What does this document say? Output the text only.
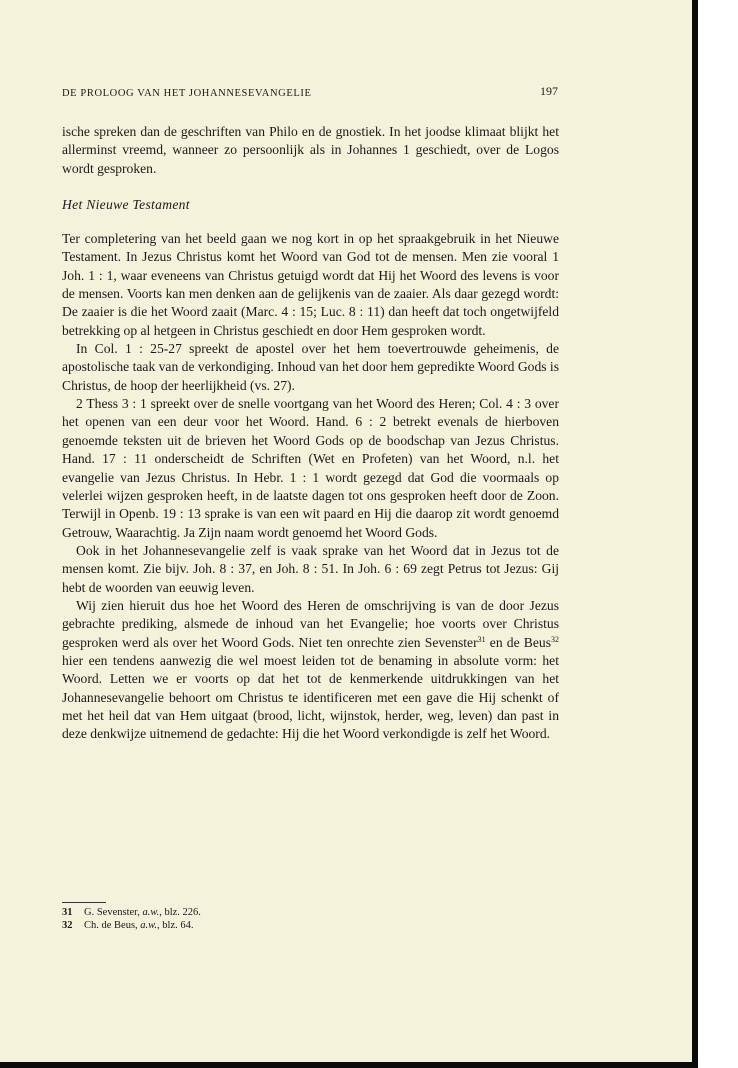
DE PROLOOG VAN HET JOHANNESEVANGELIE	197

ische spreken dan de geschriften van Philo en de gnostiek. In het joodse klimaat blijkt het allerminst vreemd, wanneer zo persoonlijk als in Johannes 1 geschiedt, over de Logos wordt gesproken.

Het Nieuwe Testament

Ter completering van het beeld gaan we nog kort in op het spraakgebruik in het Nieuwe Testament. In Jezus Christus komt het Woord van God tot de mensen. Men zie vooral 1 Joh. 1 : 1, waar eveneens van Christus getuigd wordt dat Hij het Woord des levens is voor de mensen. Voorts kan men denken aan de gelijkenis van de zaaier. Als daar gezegd wordt: De zaaier is die het Woord zaait (Marc. 4 : 15; Luc. 8 : 11) dan heeft dat toch ongetwijfeld betrekking op al hetgeen in Christus geschiedt en door Hem gesproken wordt.

In Col. 1 : 25-27 spreekt de apostel over het hem toevertrouwde geheimenis, de apostolische taak van de verkondiging. Inhoud van het door hem gepredikte Woord Gods is Christus, de hoop der heerlijkheid (vs. 27).

2 Thess 3 : 1 spreekt over de snelle voortgang van het Woord des Heren; Col. 4 : 3 over het openen van een deur voor het Woord. Hand. 6 : 2 betrekt evenals de hierboven genoemde teksten uit de brieven het Woord Gods op de boodschap van Jezus Christus. Hand. 17 : 11 onderscheidt de Schriften (Wet en Profeten) van het Woord, n.l. het evangelie van Jezus Christus. In Hebr. 1 : 1 wordt gezegd dat God die voormaals op velerlei wijzen gesproken heeft, in de laatste dagen tot ons gesproken heeft door de Zoon. Terwijl in Openb. 19 : 13 sprake is van een wit paard en Hij die daarop zit wordt genoemd Getrouw, Waarachtig. Ja Zijn naam wordt genoemd het Woord Gods.

Ook in het Johannesevangelie zelf is vaak sprake van het Woord dat in Jezus tot de mensen komt. Zie bijv. Joh. 8 : 37, en Joh. 8 : 51. In Joh. 6 : 69 zegt Petrus tot Jezus: Gij hebt de woorden van eeuwig leven.

Wij zien hieruit dus hoe het Woord des Heren de omschrijving is van de door Jezus gebrachte prediking, alsmede de inhoud van het Evangelie; hoe voorts over Christus gesproken werd als over het Woord Gods. Niet ten onrechte zien Sevenster$^{31}$ en de Beus$^{32}$ hier een tendens aanwezig die wel moest leiden tot de benaming in absolute vorm: het Woord. Letten we er voorts op dat het tot de kenmerkende uitdrukkingen van het Johannesevangelie behoort om Christus te identificeren met een gave die Hij schenkt of met het heil dat van Hem uitgaat (brood, licht, wijnstok, herder, weg, leven) dan past in deze denkwijze uitnemend de gedachte: Hij die het Woord verkondigde is zelf het Woord.

31 G. Sevenster, a.w., blz. 226.
32 Ch. de Beus, a.w., blz. 64.
